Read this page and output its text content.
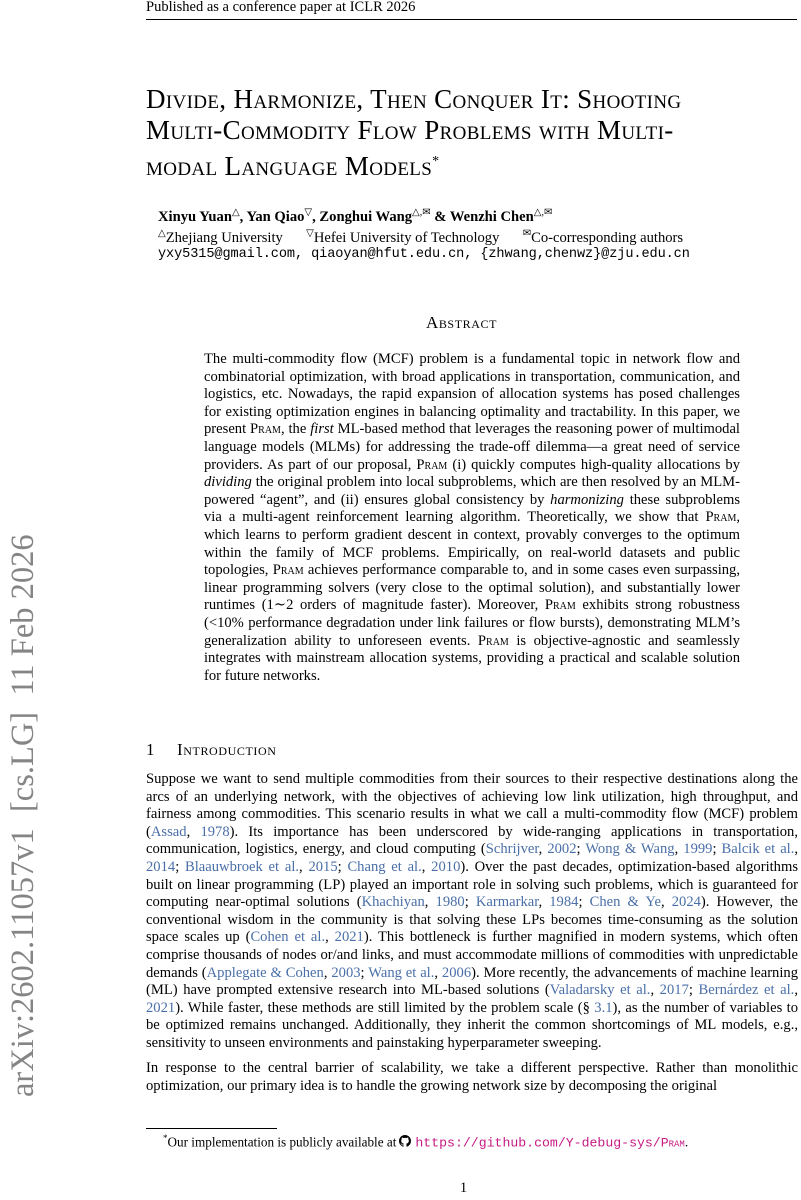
Published as a conference paper at ICLR 2026
arXiv:2602.11057v1  [cs.LG]  11 Feb 2026
Divide, Harmonize, Then Conquer It: Shooting
Multi-Commodity Flow Problems with Multi-
modal Language Models*
Xinyu Yuan△, Yan Qiao▽, Zonghui Wang△,✉ & Wenzhi Chen△,✉
△Zhejiang University ▽Hefei University of Technology ✉Co-corresponding authors
yxy5315@gmail.com, qiaoyan@hfut.edu.cn, {zhwang,chenwz}@zju.edu.cn
Abstract
The multi-commodity flow (MCF) problem is a fundamental topic in network flow and combinatorial optimization, with broad applications in transportation, communication, and logistics, etc. Nowadays, the rapid expansion of allocation systems has posed challenges for existing optimization engines in balancing optimality and tractability. In this paper, we present Pram, the first ML-based method that leverages the reasoning power of multimodal language models (MLMs) for addressing the trade-off dilemma—a great need of service providers. As part of our proposal, Pram (i) quickly computes high-quality allocations by dividing the original problem into local subproblems, which are then resolved by an MLM-powered “agent”, and (ii) ensures global consistency by harmonizing these subproblems via a multi-agent reinforcement learning algorithm. Theoretically, we show that Pram, which learns to perform gradient descent in context, provably converges to the optimum within the family of MCF problems. Empirically, on real-world datasets and public topologies, Pram achieves performance comparable to, and in some cases even surpassing, linear programming solvers (very close to the optimal solution), and substantially lower runtimes (1∼2 orders of magnitude faster). Moreover, Pram exhibits strong robustness (<10% performance degradation under link failures or flow bursts), demonstrating MLM’s generalization ability to unforeseen events. Pram is objective-agnostic and seamlessly integrates with mainstream allocation systems, providing a practical and scalable solution for future networks.
1 Introduction

Suppose we want to send multiple commodities from their sources to their respective destinations along the arcs of an underlying network, with the objectives of achieving low link utilization, high throughput, and fairness among commodities. This scenario results in what we call a multi-commodity flow (MCF) problem (Assad, 1978). Its importance has been underscored by wide-ranging applications in transportation, communication, logistics, energy, and cloud computing (Schrijver, 2002; Wong & Wang, 1999; Balcik et al., 2014; Blaauwbroek et al., 2015; Chang et al., 2010). Over the past decades, optimization-based algorithms built on linear programming (LP) played an important role in solving such problems, which is guaranteed for computing near-optimal solutions (Khachiyan, 1980; Karmarkar, 1984; Chen & Ye, 2024). However, the conventional wisdom in the community is that solving these LPs becomes time-consuming as the solution space scales up (Cohen et al., 2021). This bottleneck is further magnified in modern systems, which often comprise thousands of nodes or/and links, and must accommodate millions of commodities with unpredictable demands (Applegate & Cohen, 2003; Wang et al., 2006). More recently, the advancements of machine learning (ML) have prompted extensive research into ML-based solutions (Valadarsky et al., 2017; Bernárdez et al., 2021). While faster, these methods are still limited by the problem scale (§ 3.1), as the number of variables to be optimized remains unchanged. Additionally, they inherit the common shortcomings of ML models, e.g., sensitivity to unseen environments and painstaking hyperparameter sweeping.

In response to the central barrier of scalability, we take a different perspective. Rather than monolithic optimization, our primary idea is to handle the growing network size by decomposing the original

*Our implementation is publicly available at https://github.com/Y-debug-sys/Pram.
1
